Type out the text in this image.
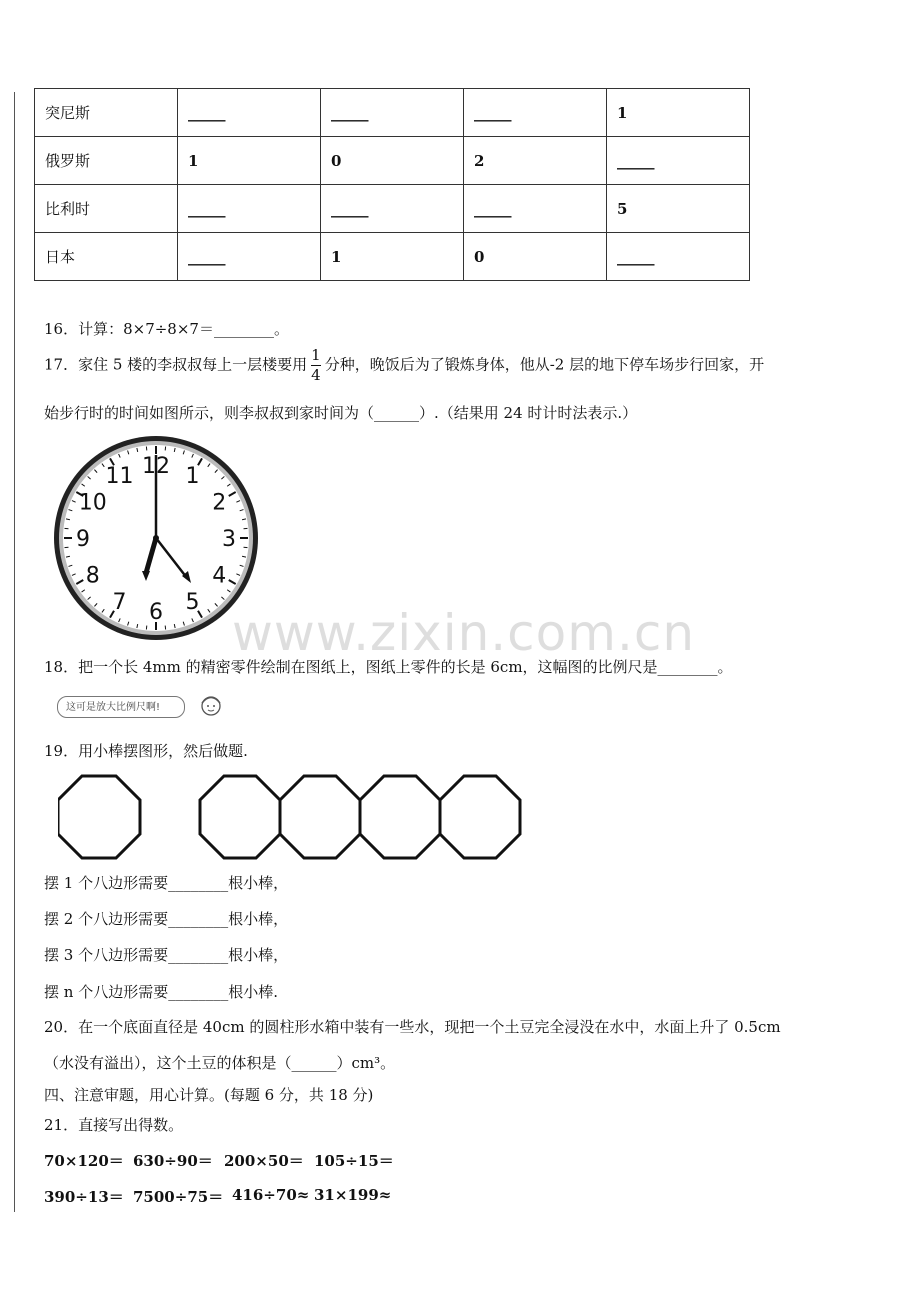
突尼斯	_____	_____	_____	1
俄罗斯	1	0	2	_____
比利时	_____	_____	_____	5
日本	_____	1	0	_____
16．计算：8×7÷8×7＝________。
17．家住 5 楼的李叔叔每上一层楼要用 $\frac{1}{4}$ 分种，晚饭后为了锻炼身体，他从-2 层的地下停车场步行回家，开
始步行时的时间如图所示，则李叔叔到家时间为（______）.（结果用 24 时计时法表示.）
12 1
2
3
4
5
6
7
8
9
10
11
www.zixin.com.cn
18．把一个长 4mm 的精密零件绘制在图纸上，图纸上零件的长是 6cm，这幅图的比例尺是________。
这可是放大比例尺啊!
19．用小棒摆图形，然后做题.
摆 1 个八边形需要________根小棒，
摆 2 个八边形需要________根小棒，
摆 3 个八边形需要________根小棒，
摆 n 个八边形需要________根小棒.
20．在一个底面直径是 40cm 的圆柱形水箱中装有一些水，现把一个土豆完全浸没在水中，水面上升了 0.5cm
（水没有溢出），这个土豆的体积是（______）cm³。
四、注意审题，用心计算。(每题 6 分，共 18 分)
21．直接写出得数。
70×120＝ 630÷90＝ 200×50＝ 105÷15＝
390÷13＝ 7500÷75＝ 416÷70≈ 31×199≈
